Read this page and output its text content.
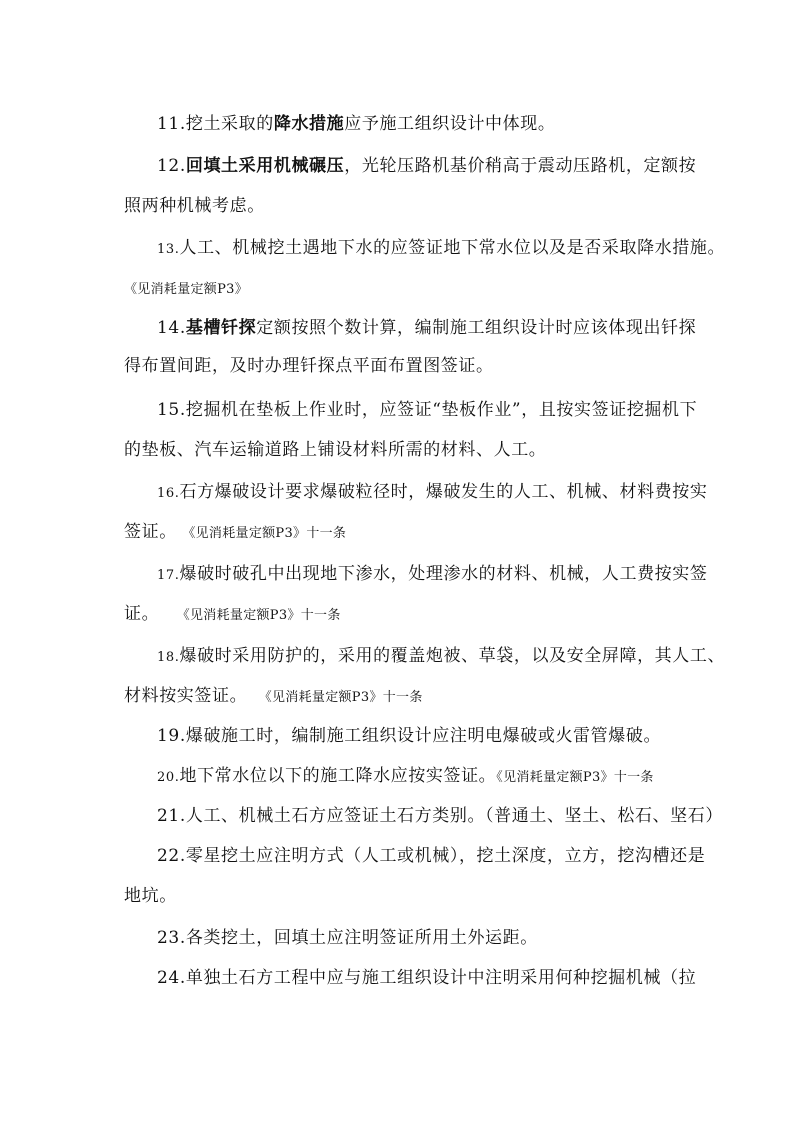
11.挖土采取的降水措施应予施工组织设计中体现。
12.回填土采用机械碾压，光轮压路机基价稍高于震动压路机，定额按
照两种机械考虑。
13.人工、机械挖土遇地下水的应签证地下常水位以及是否采取降水措施。
《见消耗量定额P3》
14.基槽钎探定额按照个数计算，编制施工组织设计时应该体现出钎探
得布置间距，及时办理钎探点平面布置图签证。
15.挖掘机在垫板上作业时，应签证“垫板作业”，且按实签证挖掘机下
的垫板、汽车运输道路上铺设材料所需的材料、人工。
16.石方爆破设计要求爆破粒径时，爆破发生的人工、机械、材料费按实
签证。 《见消耗量定额P3》十一条
17.爆破时破孔中出现地下渗水，处理渗水的材料、机械，人工费按实签
证。 《见消耗量定额P3》十一条
18.爆破时采用防护的，采用的覆盖炮被、草袋，以及安全屏障，其人工、
材料按实签证。 《见消耗量定额P3》十一条
19.爆破施工时，编制施工组织设计应注明电爆破或火雷管爆破。
20.地下常水位以下的施工降水应按实签证。《见消耗量定额P3》十一条
21.人工、机械土石方应签证土石方类别。（普通土、坚土、松石、坚石）
22.零星挖土应注明方式（人工或机械），挖土深度，立方，挖沟槽还是
地坑。
23.各类挖土，回填土应注明签证所用土外运距。
24.单独土石方工程中应与施工组织设计中注明采用何种挖掘机械（拉
